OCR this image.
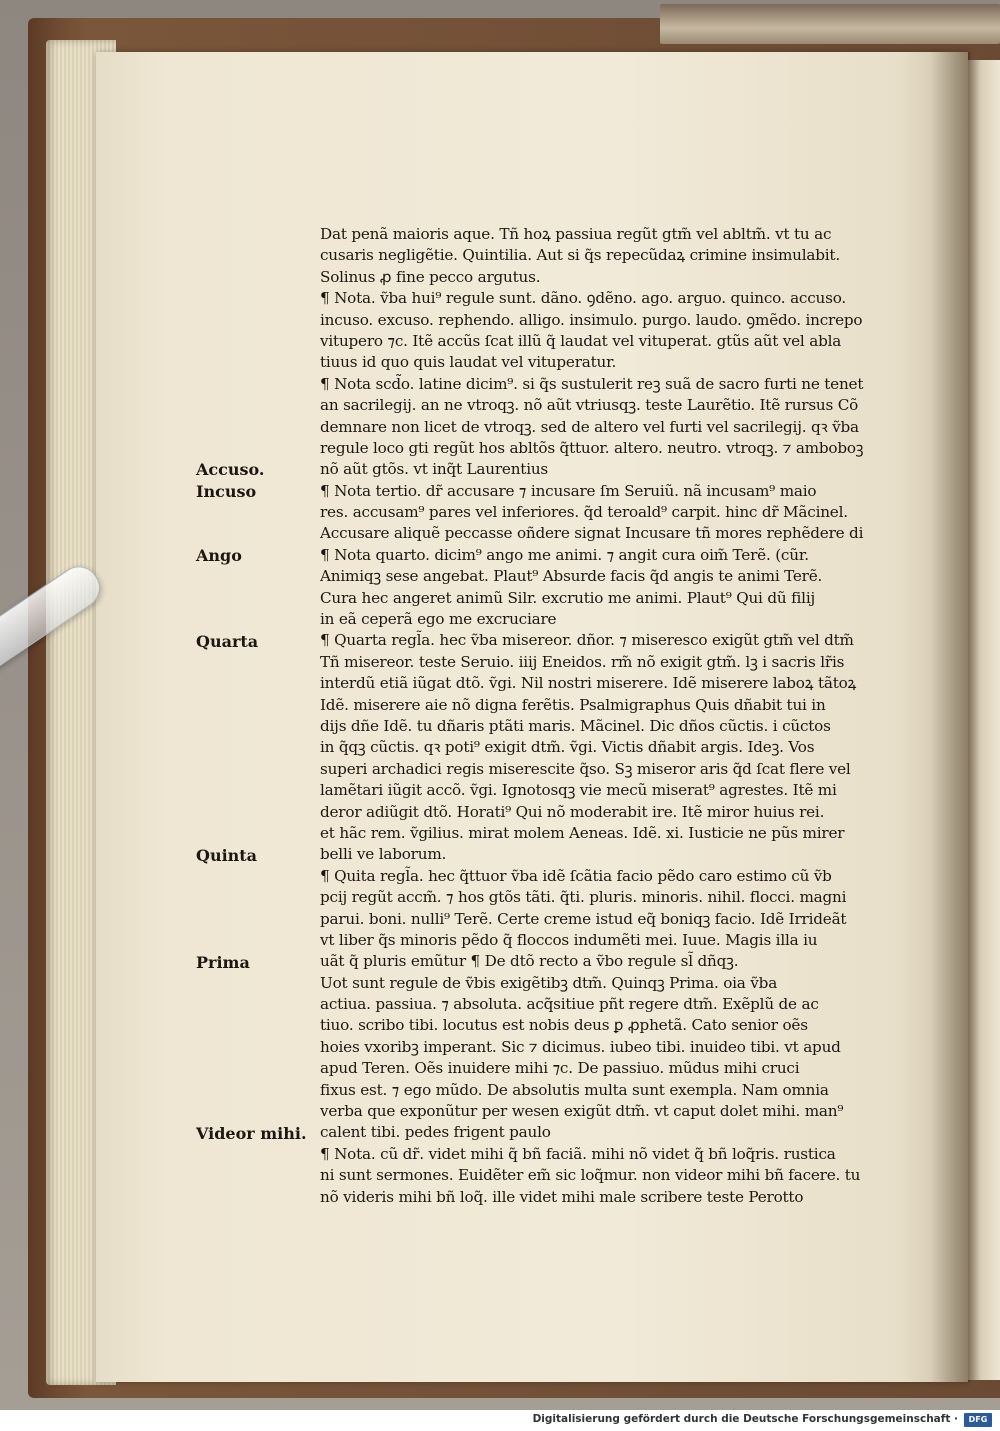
Dat penã maioris aque. Tñ hoꝝ passiua regũt gtm̃ vel abltm̃. vt tu ac
cusaris negligẽtie. Quintilia. Aut si q̃s repecũdaꝝ crimine insimulabit.
Solinus ꝓ fine pecco argutus.
¶ Nota. ṽba hui⁹ regule sunt. dãno. ꝯdẽno. ago. arguo. quinco. accuso.
incuso. excuso. rephendo. alligo. insimulo. purgo. laudo. ꝯmẽdo. increpo
vitupero ⁊c. Itẽ accũs ſcat illũ q̃ laudat vel vituperat. gtũs aũt vel abla
tiuus id quo quis laudat vel vituperatur.
¶ Nota scd̃o. latine dicim⁹. si q̃s sustulerit reꝫ suã de sacro furti ne tenet
an sacrilegij. an ne vtroqꝫ. nõ aũt vtriusqꝫ. teste Laurẽtio. Itẽ rursus Cõ
demnare non licet de vtroqꝫ. sed de altero vel furti vel sacrilegij. qꝛ ṽba
regule loco gti regũt hos abltõs q̃ttuor. altero. neutro. vtroqꝫ. ⁊ amboboꝫ
nõ aũt gtõs. vt inq̃t Laurentius
¶ Nota tertio. dr̃ accusare ⁊ incusare ſm Seruiũ. nã incusam⁹ maio
res. accusam⁹ pares vel inferiores. q̃d teroald⁹ carpit. hinc dr̃ Mãcinel.
Accusare aliquẽ peccasse oñdere signat Incusare tñ mores rephẽdere di
¶ Nota quarto. dicim⁹ ango me animi. ⁊ angit cura oim̃ Terẽ. (cũr.
Animiqꝫ sese angebat. Plaut⁹ Absurde facis q̃d angis te animi Terẽ.
Cura hec angeret animũ Silr. excrutio me animi. Plaut⁹ Qui dũ filij
in eã ceperã ego me excruciare
¶ Quarta regl̃a. hec ṽba misereor. dñor. ⁊ miseresco exigũt gtm̃ vel dtm̃
Tñ misereor. teste Seruio. iiij Eneidos. rm̃ nõ exigit gtm̃. lꝫ i sacris lr̃is
interdũ etiã iũgat dtõ. ṽgi. Nil nostri miserere. Idẽ miserere laboꝝ tãtoꝝ
Idẽ. miserere aie nõ digna ferẽtis. Psalmigraphus Quis dñabit tui in
dijs dñe Idẽ. tu dñaris ptãti maris. Mãcinel. Dic dños cũctis. i cũctos
in q̃qꝫ cũctis. qꝛ poti⁹ exigit dtm̃. ṽgi. Victis dñabit argis. Ideꝫ. Vos
superi archadici regis miserescite q̃so. Sꝫ miseror aris q̃d ſcat flere vel
lamẽtari iũgit accõ. ṽgi. Ignotosqꝫ vie mecũ miserat⁹ agrestes. Itẽ mi
deror adiũgit dtõ. Horati⁹ Qui nõ moderabit ire. Itẽ miror huius rei.
et hãc rem. ṽgilius. mirat molem Aeneas. Idẽ. xi. Iusticie ne pũs mirer
belli ve laborum.
¶ Quita regl̃a. hec q̃ttuor ṽba idẽ ſcãtia facio pẽdo caro estimo cũ ṽb
pcij regũt accm̃. ⁊ hos gtõs tãti. q̃ti. pluris. minoris. nihil. flocci. magni
parui. boni. nulli⁹ Terẽ. Certe creme istud eq̃ boniqꝫ facio. Idẽ Irrideãt
vt liber q̃s minoris pẽdo q̃ floccos indumẽti mei. Iuue. Magis illa iu
uãt q̃ pluris emũtur ¶ De dtõ recto a ṽbo regule sl̃ dñqꝫ.
Uot sunt regule de ṽbis exigẽtibꝫ dtm̃. Quinqꝫ Prima. oia ṽba
actiua. passiua. ⁊ absoluta. acq̃sitiue pñt regere dtm̃. Exẽplũ de ac
tiuo. scribo tibi. locutus est nobis deus ꝑ ꝓphetã. Cato senior oẽs
hoies vxoribꝫ imperant. Sic ⁊ dicimus. iubeo tibi. inuideo tibi. vt apud
apud Teren. Oẽs inuidere mihi ⁊c. De passiuo. mũdus mihi cruci
fixus est. ⁊ ego mũdo. De absolutis multa sunt exempla. Nam omnia
verba que exponũtur per wesen exigũt dtm̃. vt caput dolet mihi. man⁹
calent tibi. pedes frigent paulo
¶ Nota. cũ dr̃. videt mihi q̃ bñ faciã. mihi nõ videt q̃ bñ loq̃ris. rustica
ni sunt sermones. Euidẽter em̃ sic loq̃mur. non videor mihi bñ facere. tu
nõ videris mihi bñ loq̃. ille videt mihi male scribere teste Perotto
Accuso.
Incuso
Ango
Quarta
Quinta
Prima
Videor mihi.
Digitalisierung gefördert durch die Deutsche Forschungsgemeinschaft ·	DFG
